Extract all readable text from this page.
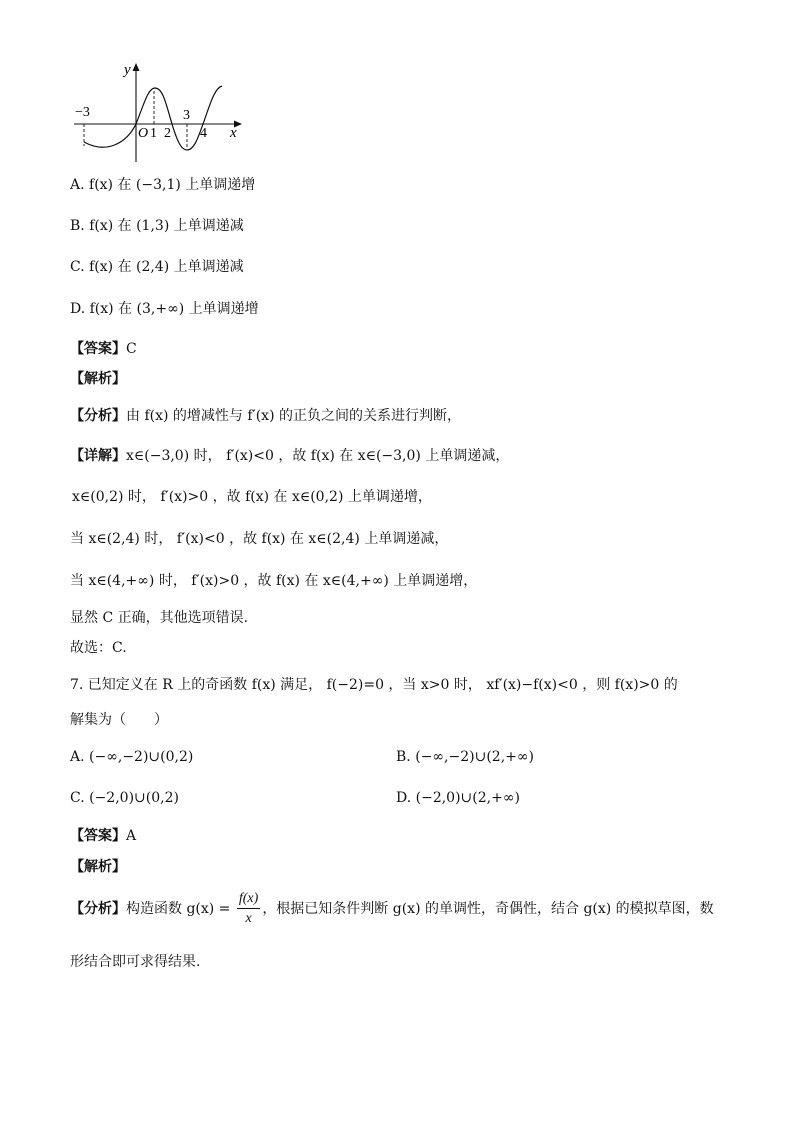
y
x
−3
O 1 2
3
4
A. f(x) 在 (−3,1) 上单调递增
B. f(x) 在 (1,3) 上单调递减
C. f(x) 在 (2,4) 上单调递减
D. f(x) 在 (3,+∞) 上单调递增
【答案】C
【解析】
【分析】由 f(x) 的增减性与 f′(x) 的正负之间的关系进行判断，
【详解】x∈(−3,0) 时， f′(x)<0 ，故 f(x) 在 x∈(−3,0) 上单调递减，
x∈(0,2) 时， f′(x)>0 ，故 f(x) 在 x∈(0,2) 上单调递增，
当 x∈(2,4) 时， f′(x)<0 ，故 f(x) 在 x∈(2,4) 上单调递减，
当 x∈(4,+∞) 时， f′(x)>0 ，故 f(x) 在 x∈(4,+∞) 上单调递增，
显然 C 正确，其他选项错误.
故选：C.
7. 已知定义在 R 上的奇函数 f(x) 满足， f(−2)=0 ，当 x>0 时， xf′(x)−f(x)<0 ，则 f(x)>0 的
解集为（　　）
A. (−∞,−2)∪(0,2)	B. (−∞,−2)∪(2,+∞)
C. (−2,0)∪(0,2)	D. (−2,0)∪(2,+∞)
【答案】A
【解析】
【分析】构造函数 $g(x) = \frac{f(x)}{x}$ ，根据已知条件判断 g(x) 的单调性，奇偶性，结合 g(x) 的模拟草图，数
形结合即可求得结果.
